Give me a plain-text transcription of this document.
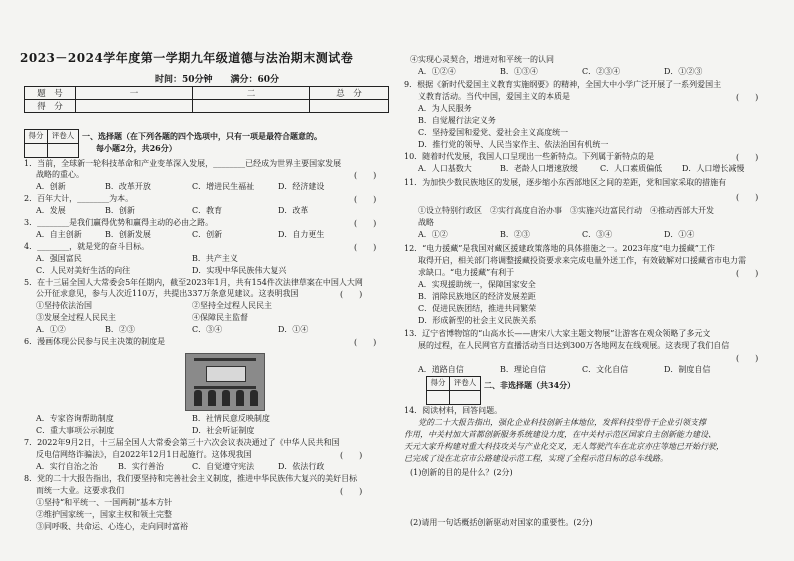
2023－2024学年度第一学期九年级道德与法治期末测试卷
时间：50分钟　　满分：60分
题　号	一	二	总　分
得　分			
得分	评卷人
	一、选择题（在下列各题的四个选项中，只有一项是最符合题意的。
每小题2分，共26分）
1．当前，全球新一轮科技革命和产业变革深入发展，________已经成为世界主要国家发展
战略的重心。	(　　)
A．创新	B．改革开放	C．增进民生福祉	D．经济建设
2．百年大计，________为本。	(　　)
A．发展	B．创新	C．教育	D．改革
3．________是我们赢得优势和赢得主动的必由之路。	(　　)
A．自主创新	B．创新发展	C．创新	D．自力更生
4．________，就是党的奋斗目标。	(　　)
A．强国富民	B．共产主义
C．人民对美好生活的向往	D．实现中华民族伟大复兴
5．在十三届全国人大常委会5年任期内，截至2023年1月，共有154件次法律草案在中国人大网
公开征求意见，参与人次近110万，共提出337万条意见建议。这表明我国	(　　)
①坚持依法治国	②坚持全过程人民民主
③发展全过程人民民主	④保障民主监督
A．①②	B．②③	C．③④	D．①④
6．漫画体现公民参与民主决策的制度是	(　　)
A．专家咨询帮助制度	B．社情民意反映制度
C．重大事项公示制度	D．社会听证制度
7．2022年9月2日，十三届全国人大常委会第三十六次会议表决通过了《中华人民共和国
反电信网络诈骗法》，自2022年12月1日起施行。这体现我国	(　　)
A．实行自治之治	B．实行善治	C．自觉遵守宪法	D．依法行政
8．党的二十大报告指出，我们要坚持和完善社会主义制度，推进中华民族伟大复兴的美好目标
而统一大业。这要求我们	(　　)
①坚持“和平统一、一国两制”基本方针
②维护国家统一，国家主权和领土完整
③同呼吸、共命运、心连心，走向同时富裕
④实现心灵契合，增进对和平统一的认同
A．①②④	B．①③④	C．②③④	D．①②③
9．根据《新时代爱国主义教育实施纲要》的精神，全国大中小学广泛开展了一系列爱国主
义教育活动。当代中国，爱国主义的本质是	(　　)
A．为人民服务
B．自觉履行法定义务
C．坚持爱国和爱党、爱社会主义高度统一
D．推行党的领导、人民当家作主、依法治国有机统一
10．随着时代发展，我国人口呈现出一些新特点。下列属于新特点的是	(　　)
A．人口基数大	B．老龄人口增速放缓	C．人口素质偏低 D．人口增长减慢
11．为加快少数民族地区的发展，逐步缩小东西部地区之间的差距，党和国家采取的措施有
(　　)
①设立特别行政区　②实行高度自治办事　③实施兴边富民行动　④推动西部大开发
战略
A．①②	B．②③	C．③④	D．①④
12．“电力援藏”是我国对藏区援建政策落地的具体措施之一。2023年度“电力援藏”工作
取得开启，相关部门将调整援藏投资要求来完成电量外送工作，有效破解对口援藏省市电力需
求缺口。“电力援藏”有利于	(　　)
A．实现援助统一，保障国家安全
B．消除民族地区的经济发展差距
C．促进民族团结，推进共同繁荣
D．形成新型的社会主义民族关系
13．辽宁省博物馆的“山高水长——唐宋八大家主题文物展”让游客在观众领略了多元文
展的过程，在人民网官方直播活动当日达到300万各地网友在线观展。这表现了我们自信
(　　)
A．道路自信	B．理论自信	C．文化自信	D．制度自信
得分	评卷人
	二、非选择题（共34分）
14．阅读材料，回答问题。
党的二十大报告指出，强化企业科技创新主体地位，发挥科技型骨干企业引领支撑
作用，中关村加大首都创新服务系统建设力度，在中关村示范区国家自主创新能力建设、
天元大家升构建对重大科技攻关与产业化交叉，无人驾驶汽车在北京亦庄等地已开始行驶，
已完成了设在北京市公路建设示范工程，实现了全程示范目标的总车线路。
(1)创新的目的是什么？(2分)
(2)请用一句话概括创新驱动对国家的重要性。(2分)
